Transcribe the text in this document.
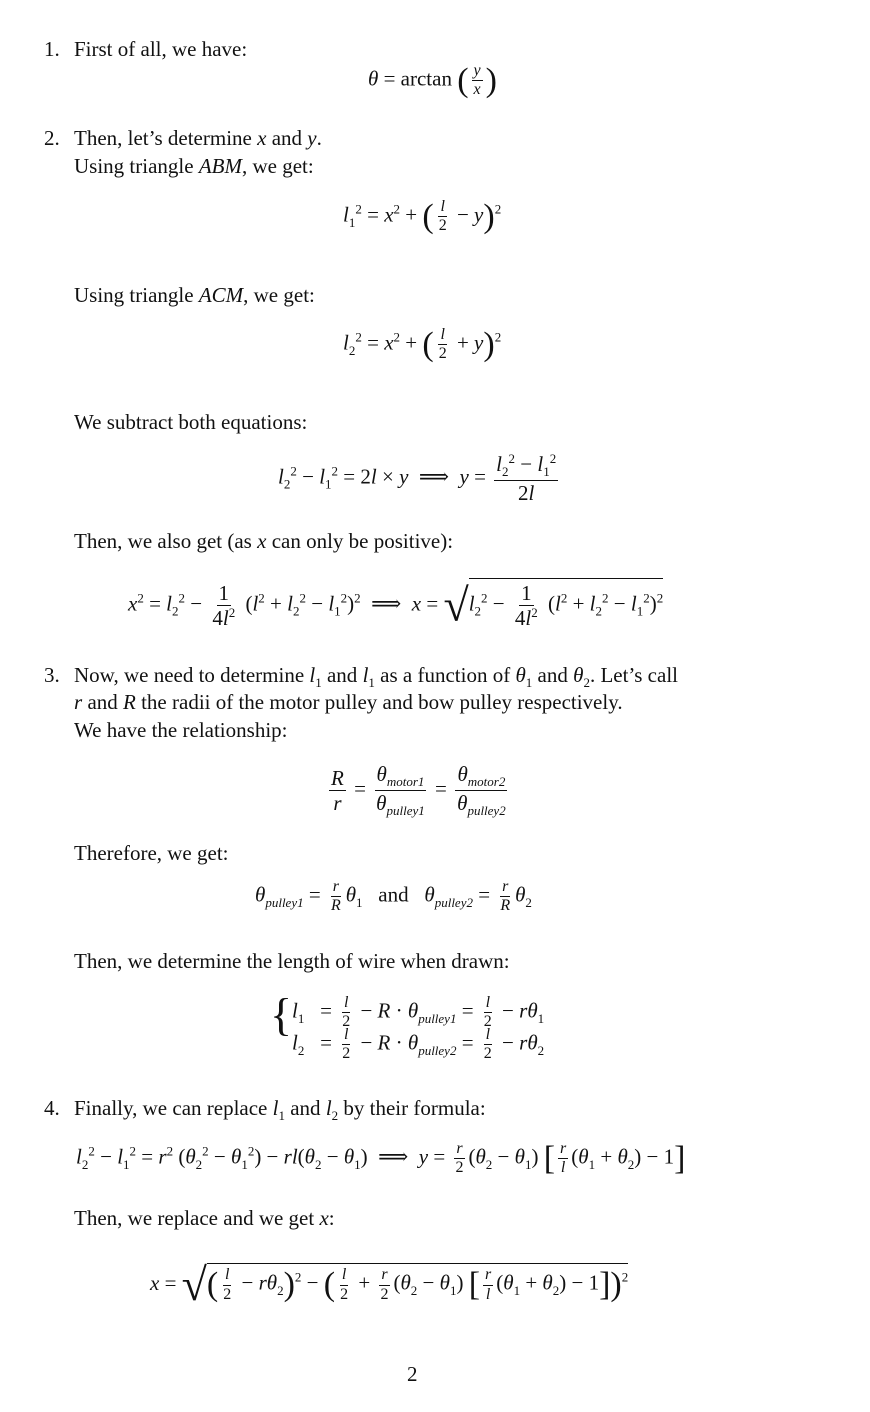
1. First of all, we have:
θ = arctan ( $\frac{y}{x}$ )
2. Then, let’s determine x and y.
Using triangle ABM, we get:
$l_1^2 = x^2$ + ( $\frac{l}{2} - y)^2$
Using triangle ACM, we get:
$l_2^2 = x^2$ + ( $\frac{l}{2} + y)^2$
We subtract both equations:
$l_2^2 - l_1^2 = 2l \times y$  ⟹  $y = \frac{l_2^2 - l_1^2}{2l}$
Then, we also get (as x can only be positive):
$x^2 = l_2^2 - \frac{1}{4l^2} (l^2 + l_2^2 - l_1^2)^2$  ⟹  $x = √l_2^2 - \frac{1}{4l^2} (l^2 + l_2^2 - l_1^2)^2$
3. Now, we need to determine $l_1$ and $l_1$ as a function of $\theta_1$ and $\theta_2$. Let’s call
r and R the radii of the motor pulley and bow pulley respectively.
We have the relationship:
$\frac{R}{r} = \frac{\theta_{motor1}}{\theta_{pulley1}} = \frac{\theta_{motor2}}{\theta_{pulley2}}$
Therefore, we get:
$\theta_{pulley1} = \frac{r}{R} \theta_1$   and   $\theta_{pulley2} = \frac{r}{R} \theta_2$
Then, we determine the length of wire when drawn:
{ $l_1 = \frac{l}{2} - R \cdot \theta_{pulley1} = \frac{l}{2} - r\theta_1$
$l_2 = \frac{l}{2} - R \cdot \theta_{pulley2} = \frac{l}{2} - r\theta_2$
4. Finally, we can replace $l_1$ and $l_2$ by their formula:
$l_2^2 - l_1^2 = r^2$ $(\theta_2^2 - \theta_1^2) - rl(\theta_2 - \theta_1)$  ⟹  $y = \frac{r}{2} (\theta_2 - \theta_1)$ [ $\frac{r}{l} (\theta_1 + \theta_2) - 1$]
Then, we replace and we get x:
x = √( $\frac{l}{2} - r\theta_2)^2$ − ( $\frac{l}{2} + \frac{r}{2} (\theta_2 - \theta_1)$ [ $\frac{r}{l} (\theta_1 + \theta_2) - 1])^2$
2
